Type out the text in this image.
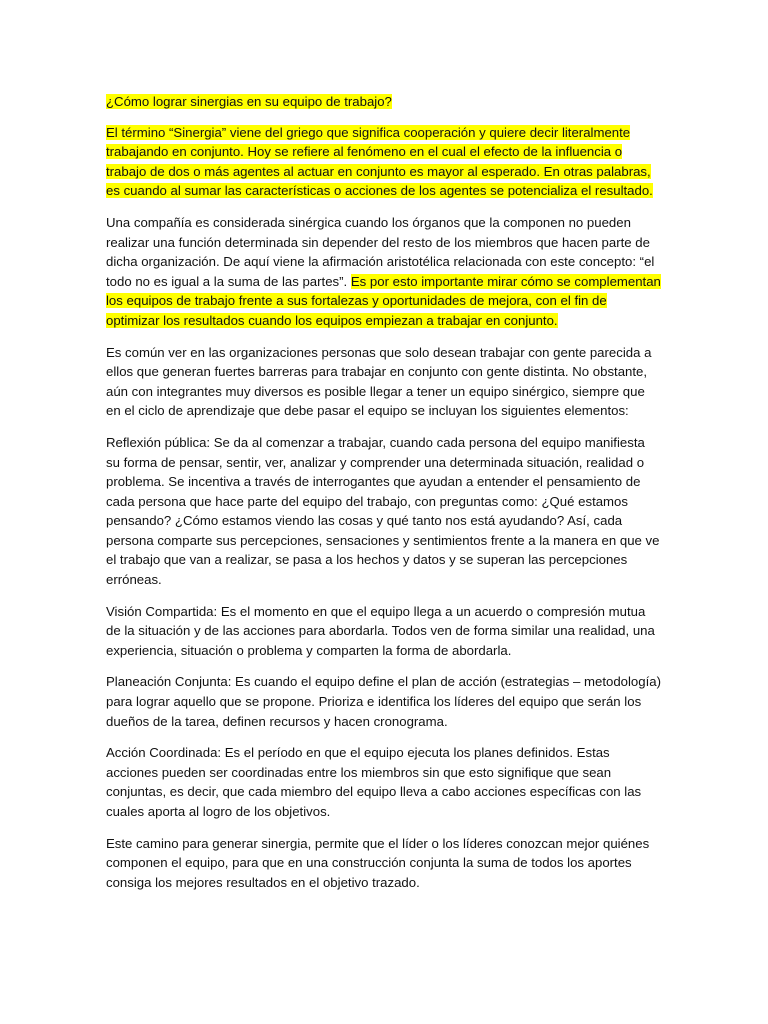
¿Cómo lograr sinergias en su equipo de trabajo?

El término “Sinergia” viene del griego que significa cooperación y quiere decir literalmente trabajando en conjunto. Hoy se refiere al fenómeno en el cual el efecto de la influencia o trabajo de dos o más agentes al actuar en conjunto es mayor al esperado. En otras palabras, es cuando al sumar las características o acciones de los agentes se potencializa el resultado.

Una compañía es considerada sinérgica cuando los órganos que la componen no pueden realizar una función determinada sin depender del resto de los miembros que hacen parte de dicha organización. De aquí viene la afirmación aristotélica relacionada con este concepto: “el todo no es igual a la suma de las partes”. Es por esto importante mirar cómo se complementan los equipos de trabajo frente a sus fortalezas y oportunidades de mejora, con el fin de optimizar los resultados cuando los equipos empiezan a trabajar en conjunto.

Es común ver en las organizaciones personas que solo desean trabajar con gente parecida a ellos que generan fuertes barreras para trabajar en conjunto con gente distinta. No obstante, aún con integrantes muy diversos es posible llegar a tener un equipo sinérgico, siempre que en el ciclo de aprendizaje que debe pasar el equipo se incluyan los siguientes elementos:

Reflexión pública: Se da al comenzar a trabajar, cuando cada persona del equipo manifiesta su forma de pensar, sentir, ver, analizar y comprender una determinada situación, realidad o problema. Se incentiva a través de interrogantes que ayudan a entender el pensamiento de cada persona que hace parte del equipo del trabajo, con preguntas como: ¿Qué estamos pensando? ¿Cómo estamos viendo las cosas y qué tanto nos está ayudando? Así, cada persona comparte sus percepciones, sensaciones y sentimientos frente a la manera en que ve el trabajo que van a realizar, se pasa a los hechos y datos y se superan las percepciones erróneas.

Visión Compartida: Es el momento en que el equipo llega a un acuerdo o compresión mutua de la situación y de las acciones para abordarla. Todos ven de forma similar una realidad, una experiencia, situación o problema y comparten la forma de abordarla.

Planeación Conjunta: Es cuando el equipo define el plan de acción (estrategias – metodología) para lograr aquello que se propone. Prioriza e identifica los líderes del equipo que serán los dueños de la tarea, definen recursos y hacen cronograma.

Acción Coordinada: Es el período en que el equipo ejecuta los planes definidos. Estas acciones pueden ser coordinadas entre los miembros sin que esto signifique que sean conjuntas, es decir, que cada miembro del equipo lleva a cabo acciones específicas con las cuales aporta al logro de los objetivos.

Este camino para generar sinergia, permite que el líder o los líderes conozcan mejor quiénes componen el equipo, para que en una construcción conjunta la suma de todos los aportes consiga los mejores resultados en el objetivo trazado.
